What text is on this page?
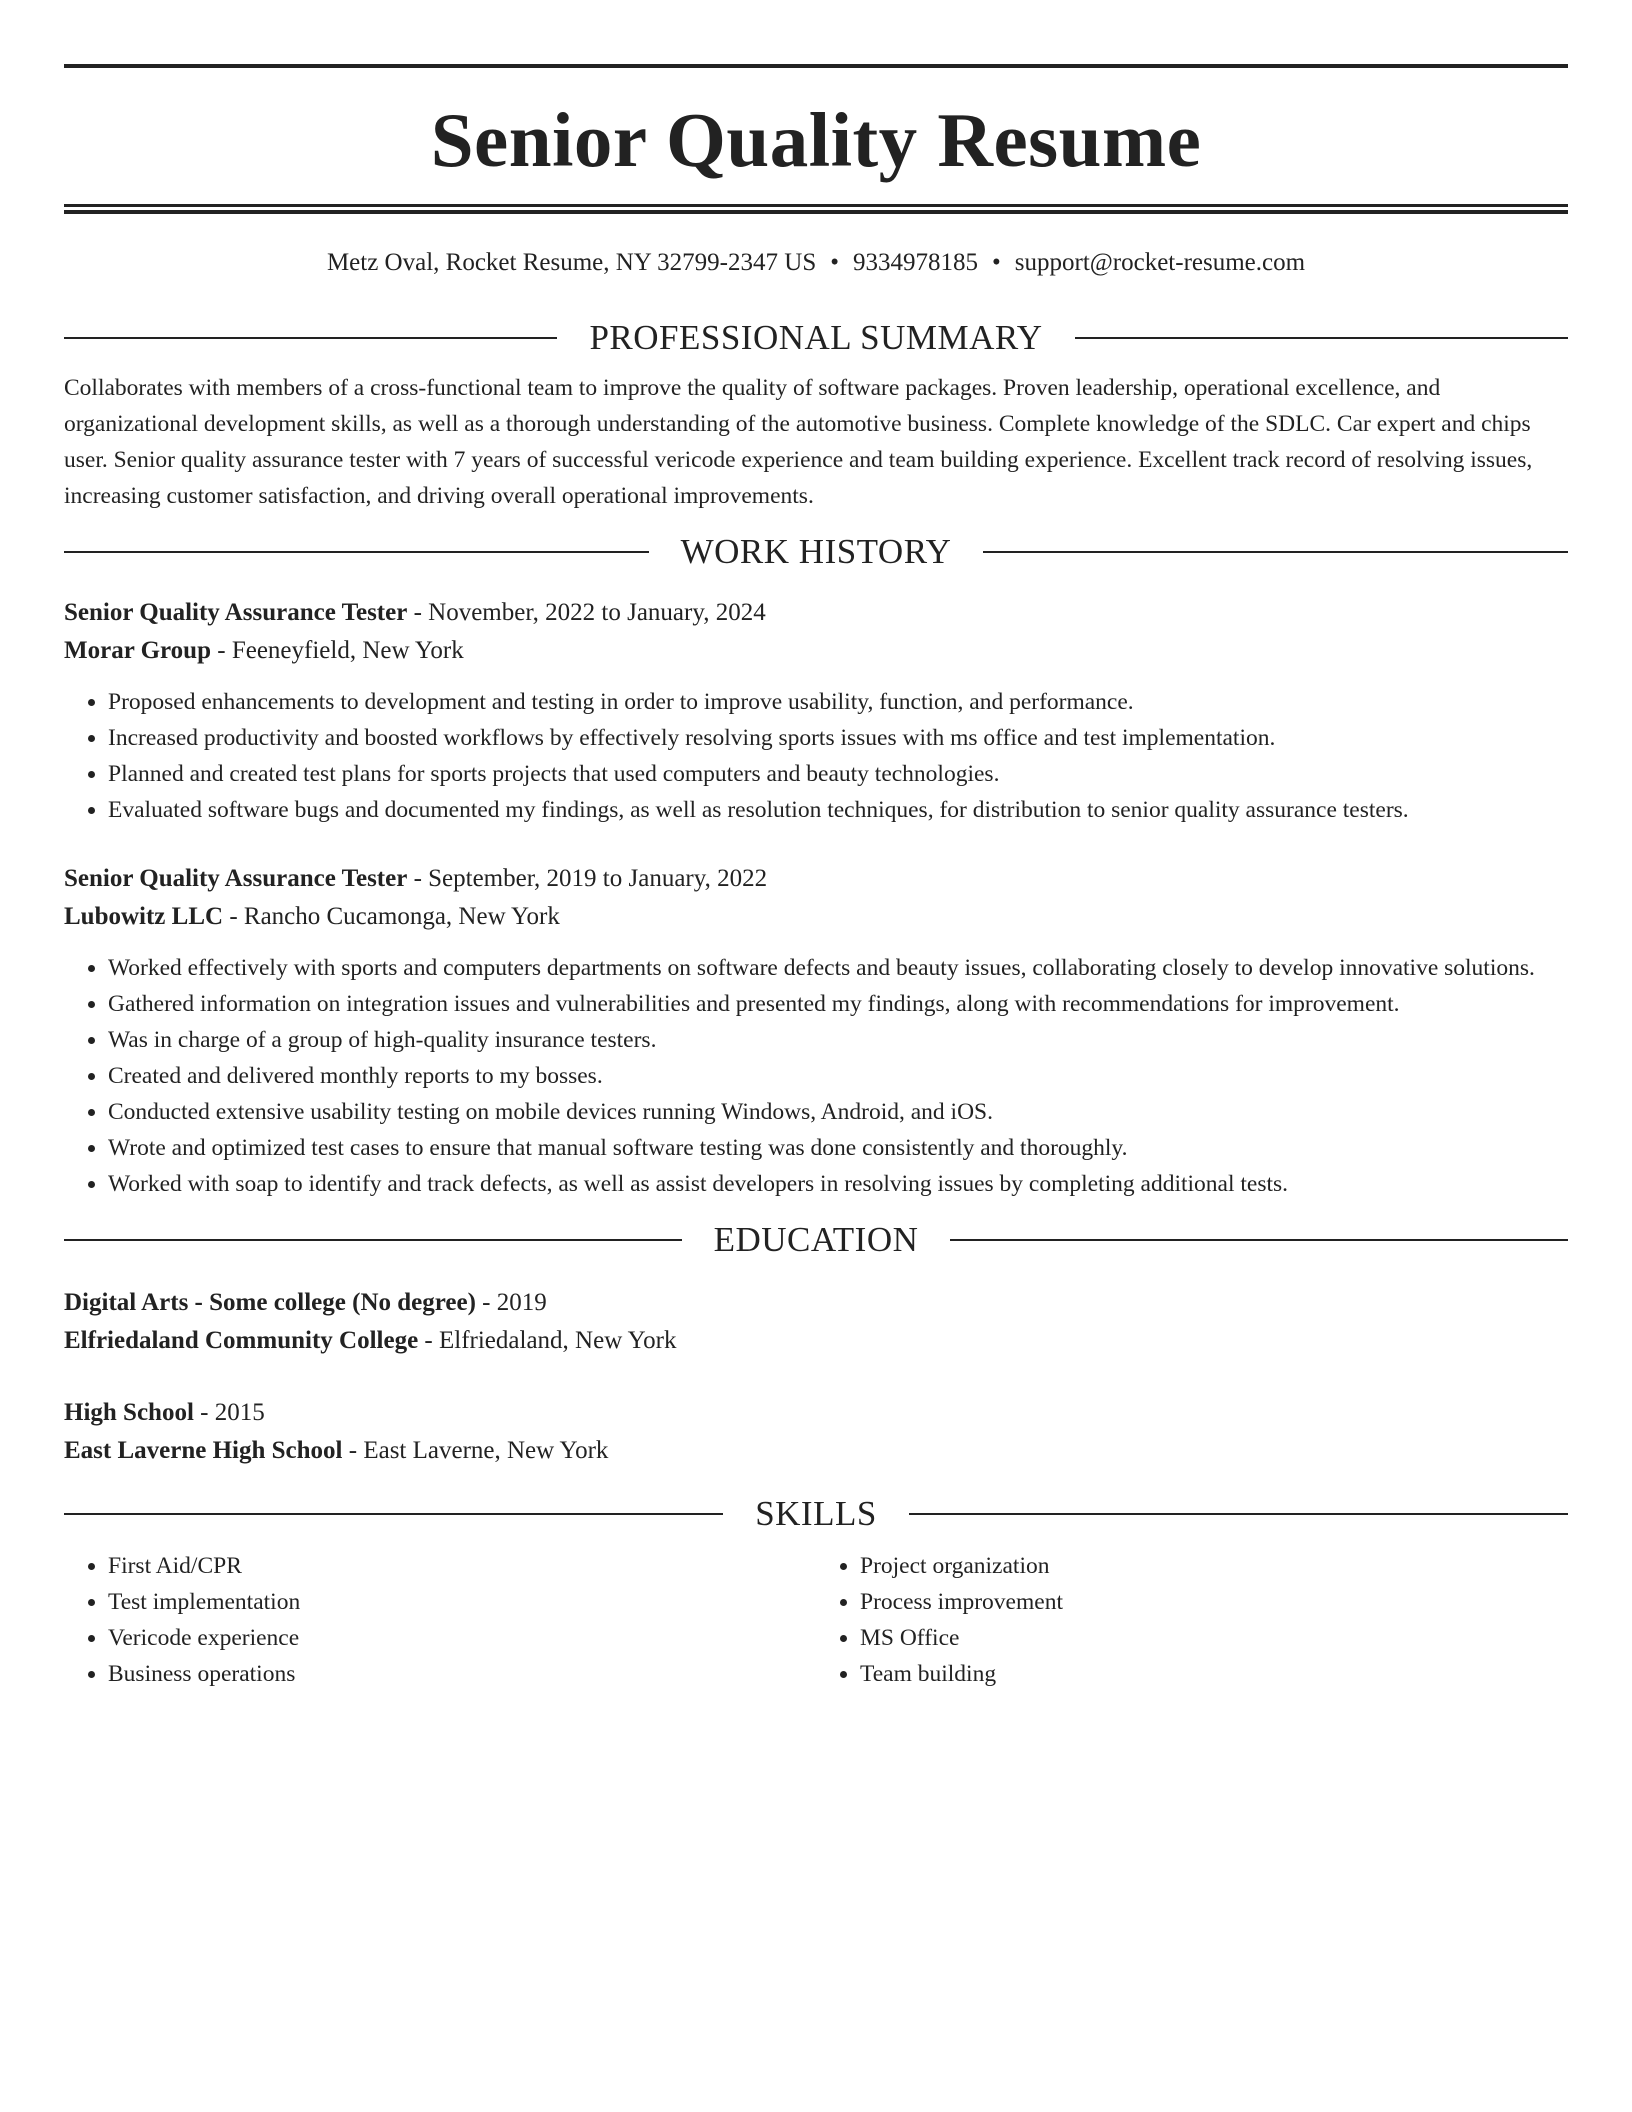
Senior Quality Resume
Metz Oval, Rocket Resume, NY 32799-2347 US • 9334978185 • support@rocket-resume.com
PROFESSIONAL SUMMARY

Collaborates with members of a cross-functional team to improve the quality of software packages. Proven leadership, operational excellence, and organizational development skills, as well as a thorough understanding of the automotive business. Complete knowledge of the SDLC. Car expert and chips user. Senior quality assurance tester with 7 years of successful vericode experience and team building experience. Excellent track record of resolving issues, increasing customer satisfaction, and driving overall operational improvements.

WORK HISTORY
Senior Quality Assurance Tester - November, 2022 to January, 2024
Morar Group - Feeneyfield, New York
• Proposed enhancements to development and testing in order to improve usability, function, and performance.
• Increased productivity and boosted workflows by effectively resolving sports issues with ms office and test implementation.
• Planned and created test plans for sports projects that used computers and beauty technologies.
• Evaluated software bugs and documented my findings, as well as resolution techniques, for distribution to senior quality assurance testers.
Senior Quality Assurance Tester - September, 2019 to January, 2022
Lubowitz LLC - Rancho Cucamonga, New York
• Worked effectively with sports and computers departments on software defects and beauty issues, collaborating closely to develop innovative solutions.
• Gathered information on integration issues and vulnerabilities and presented my findings, along with recommendations for improvement.
• Was in charge of a group of high-quality insurance testers.
• Created and delivered monthly reports to my bosses.
• Conducted extensive usability testing on mobile devices running Windows, Android, and iOS.
• Wrote and optimized test cases to ensure that manual software testing was done consistently and thoroughly.
• Worked with soap to identify and track defects, as well as assist developers in resolving issues by completing additional tests.
EDUCATION
Digital Arts - Some college (No degree) - 2019
Elfriedaland Community College - Elfriedaland, New York
High School - 2015
East Laverne High School - East Laverne, New York
SKILLS
• First Aid/CPR
• Test implementation
• Vericode experience
• Business operations
• Project organization
• Process improvement
• MS Office
• Team building
